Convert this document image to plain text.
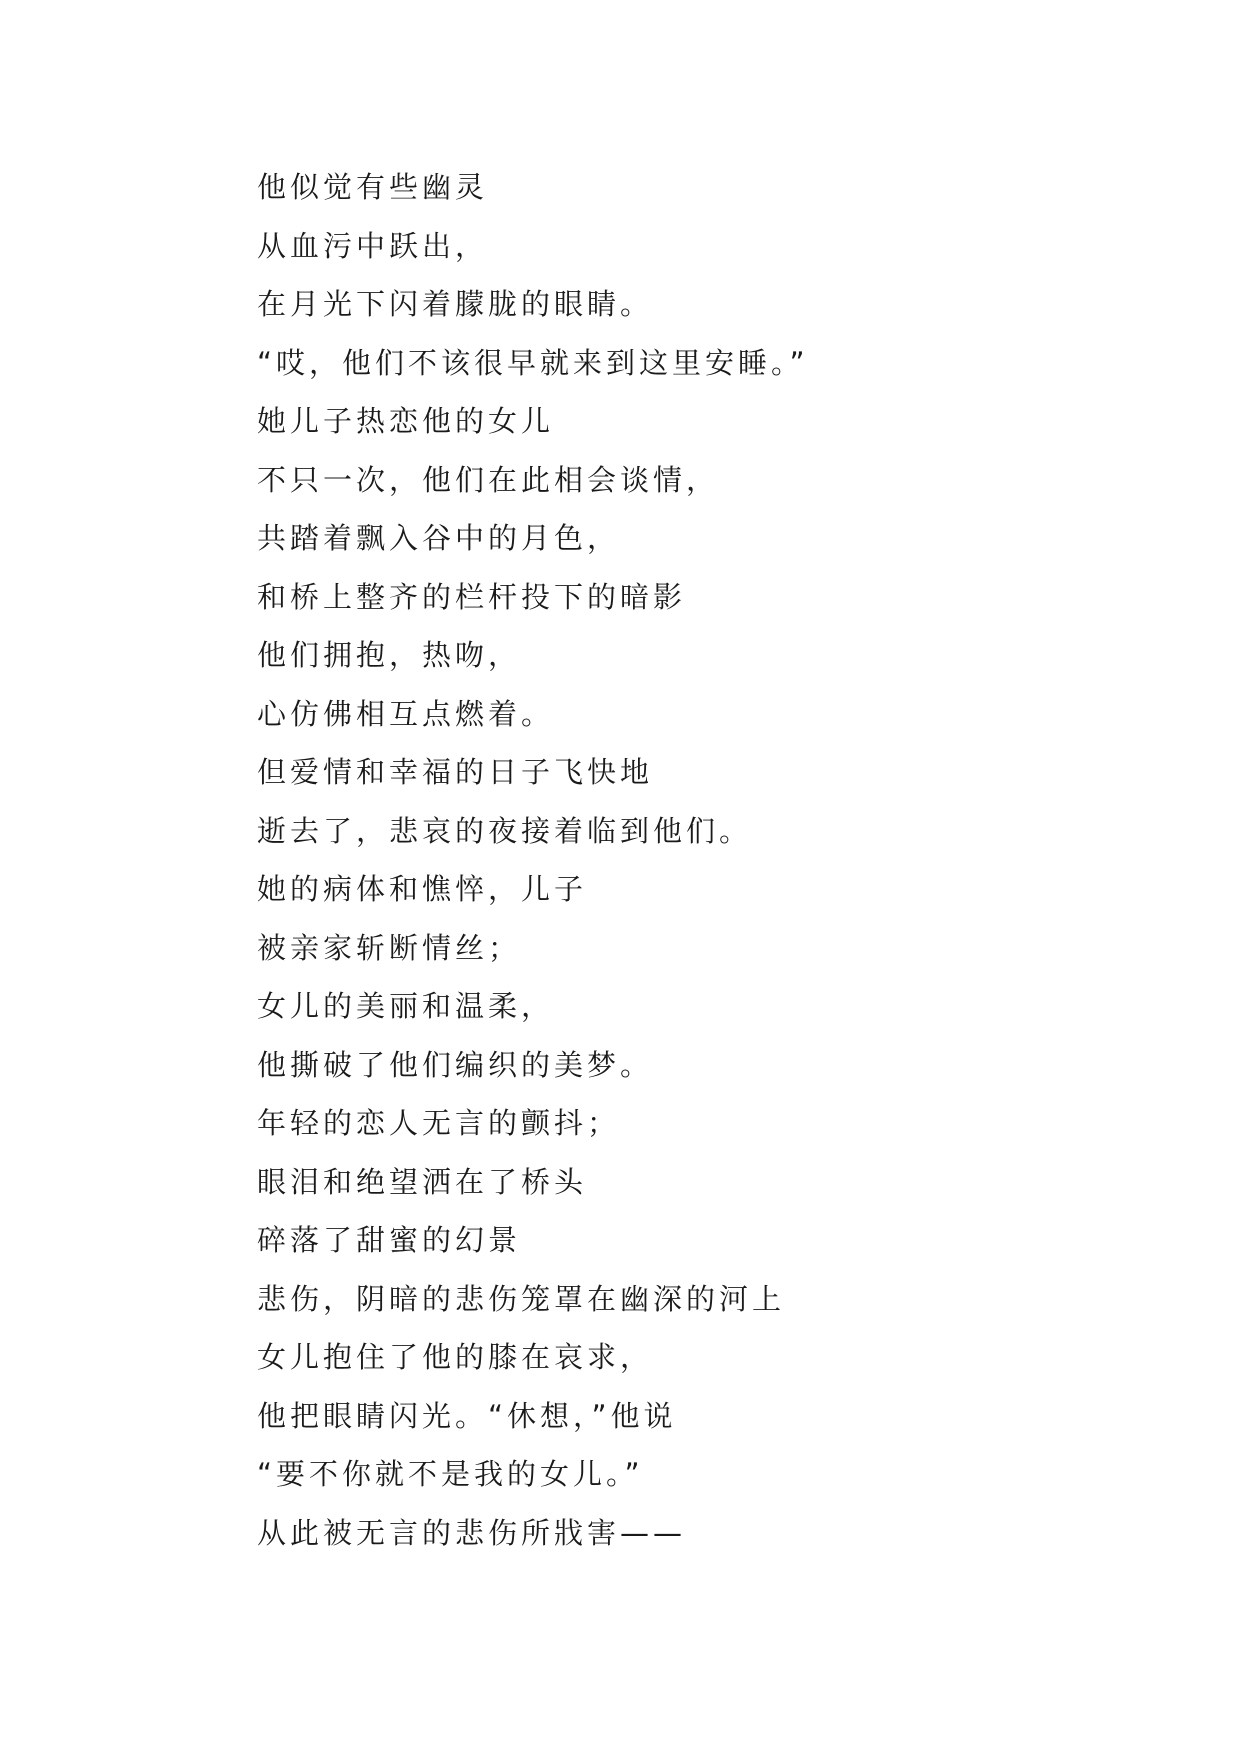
他似觉有些幽灵
从血污中跃出，
在月光下闪着朦胧的眼睛。
“哎，他们不该很早就来到这里安睡。”
她儿子热恋他的女儿
不只一次，他们在此相会谈情，
共踏着飘入谷中的月色，
和桥上整齐的栏杆投下的暗影
他们拥抱，热吻，
心仿佛相互点燃着。
但爱情和幸福的日子飞快地
逝去了，悲哀的夜接着临到他们。
她的病体和憔悴，儿子
被亲家斩断情丝；
女儿的美丽和温柔，
他撕破了他们编织的美梦。
年轻的恋人无言的颤抖；
眼泪和绝望洒在了桥头
碎落了甜蜜的幻景
悲伤，阴暗的悲伤笼罩在幽深的河上
女儿抱住了他的膝在哀求，
他把眼睛闪光。“休想，”他说
“要不你就不是我的女儿。”
从此被无言的悲伤所戕害——
